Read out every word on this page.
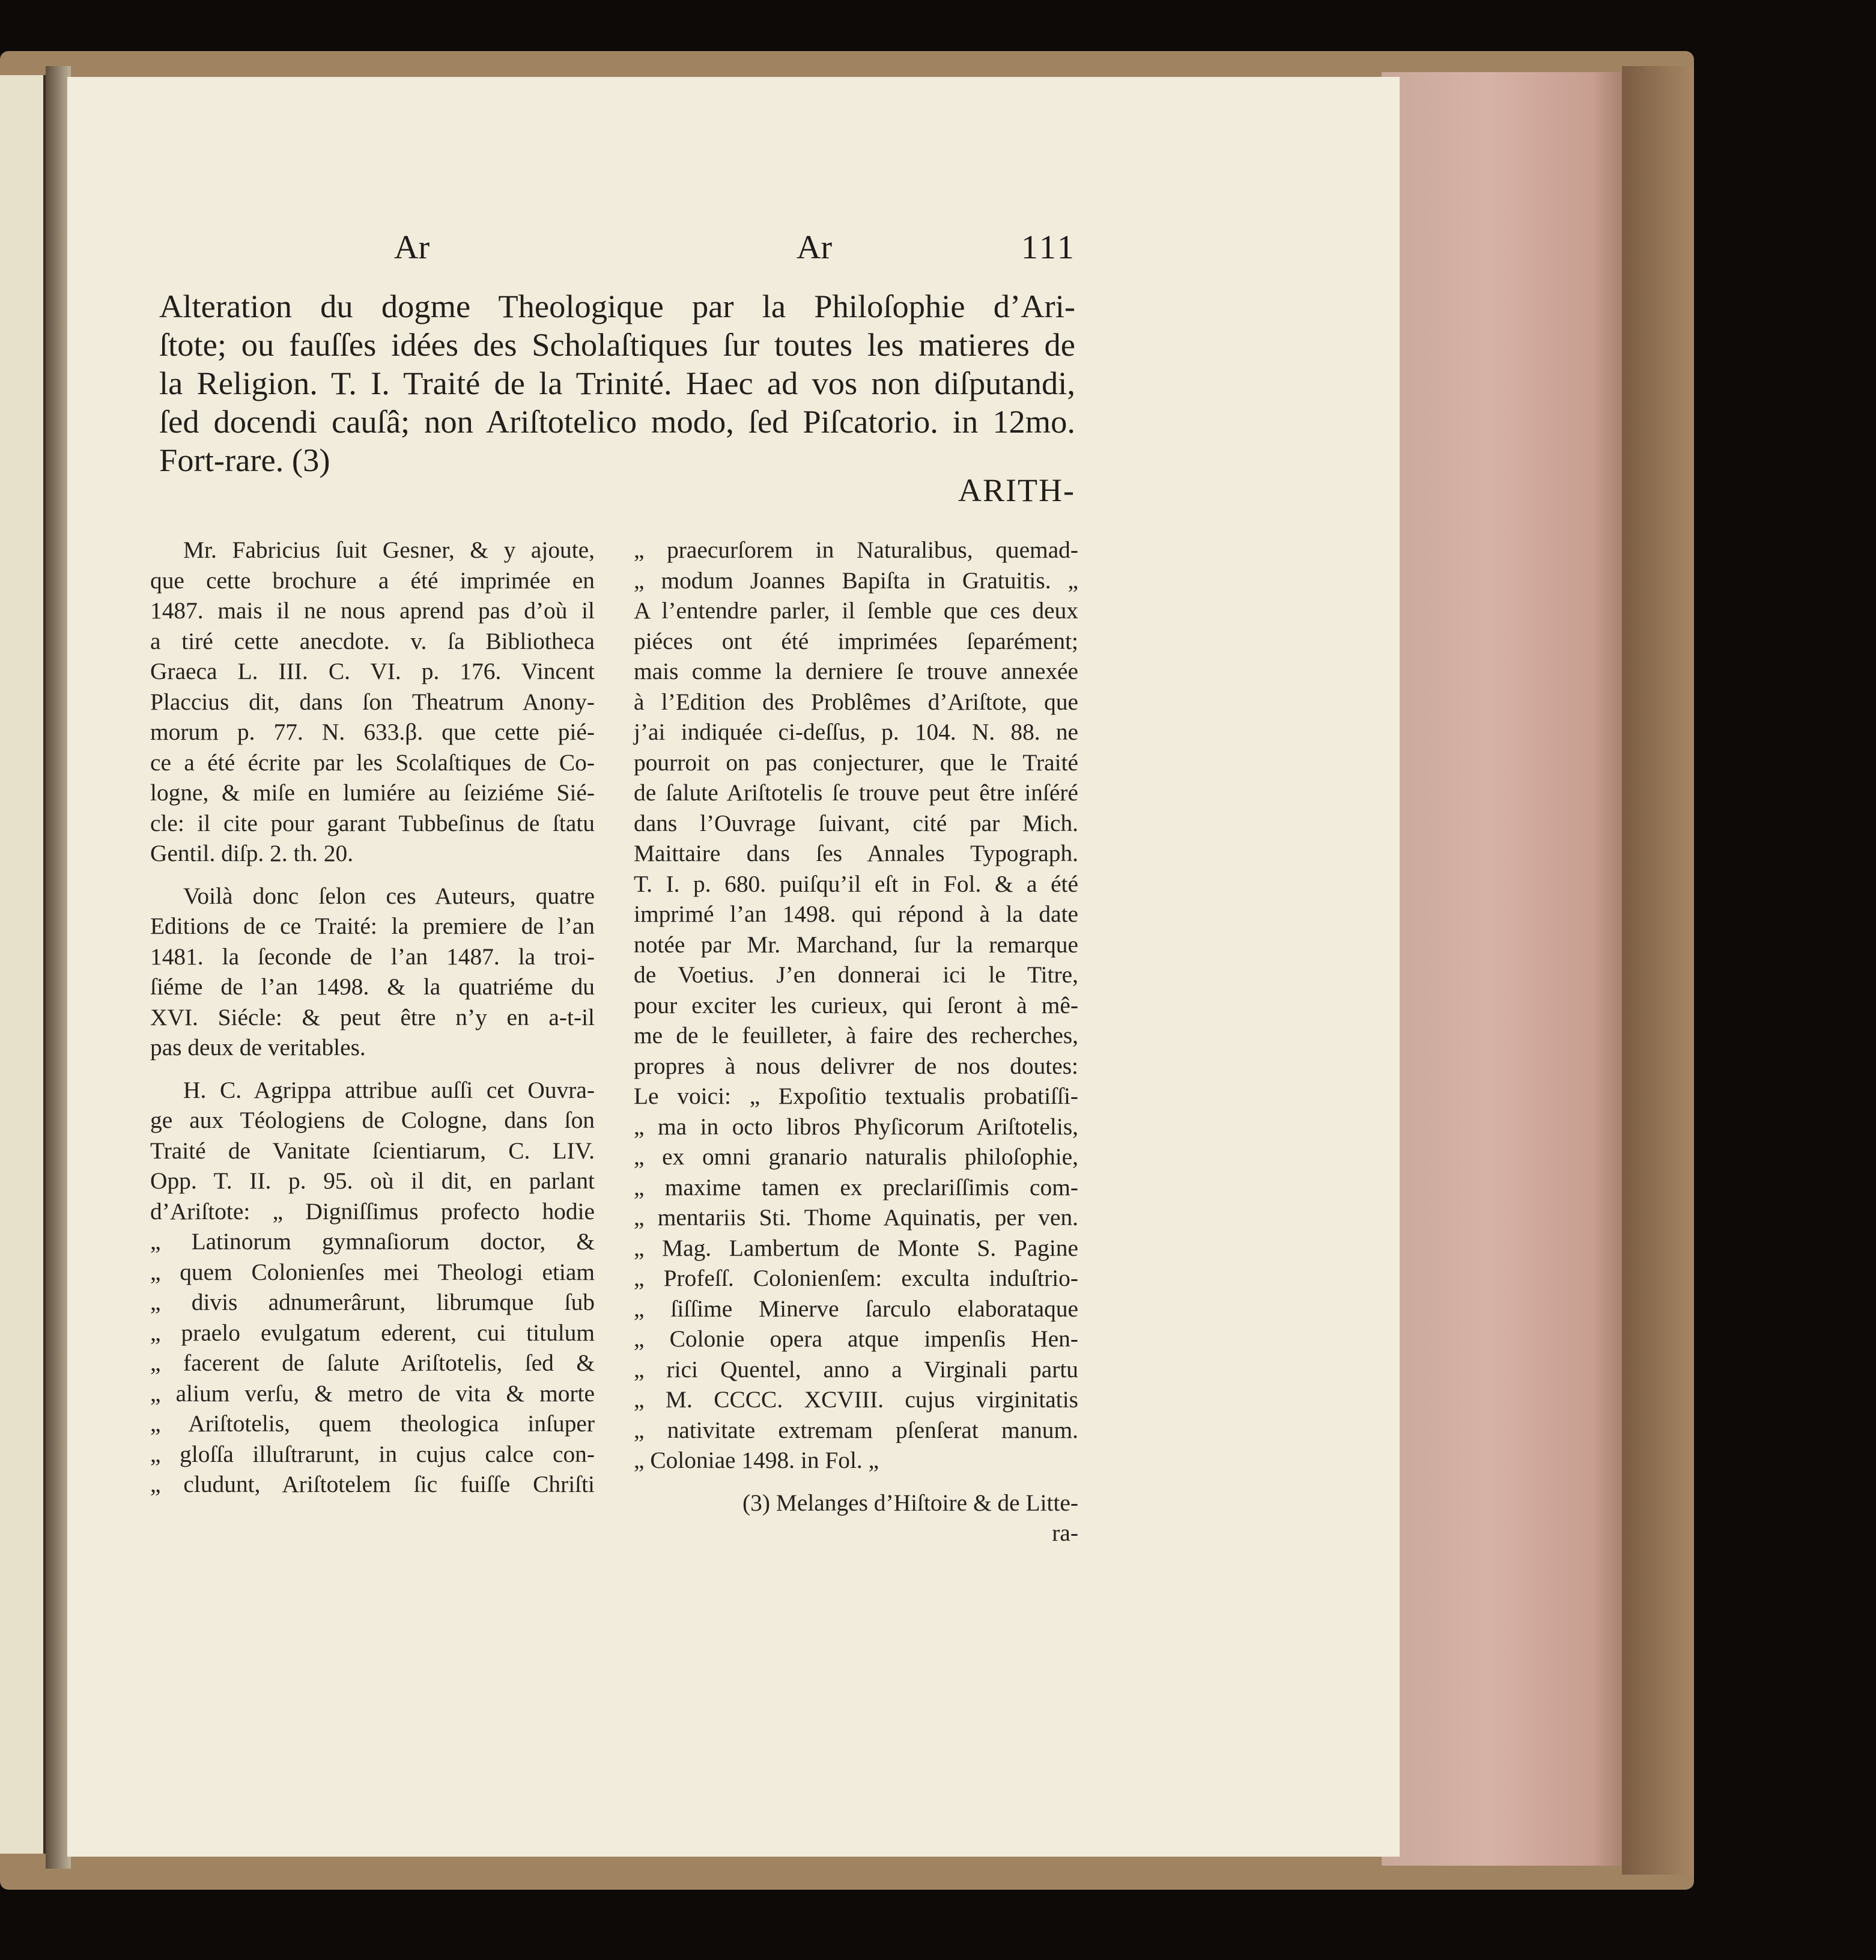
Ar	Ar	111
Alteration du dogme Theologique par la Philoſophie d’Ari-
ſtote; ou fauſſes idées des Scholaſtiques ſur toutes les matieres de
la Religion. T. I. Traité de la Trinité. Haec ad vos non diſputandi,
ſed docendi cauſâ; non Ariſtotelico modo, ſed Piſcatorio. in 12mo.
Fort-rare. (3)
ARITH-

Mr. Fabricius ſuit Gesner, & y ajoute,
que cette brochure a été imprimée en
1487. mais il ne nous aprend pas d’où il
a tiré cette anecdote. v. ſa Bibliotheca
Graeca L. III. C. VI. p. 176. Vincent
Placcius dit, dans ſon Theatrum Anony-
morum p. 77. N. 633.β. que cette pié-
ce a été écrite par les Scolaſtiques de Co-
logne, & miſe en lumiére au ſeiziéme Sié-
cle: il cite pour garant Tubbeſinus de ſtatu
Gentil. diſp. 2. th. 20.

Voilà donc ſelon ces Auteurs, quatre
Editions de ce Traité: la premiere de l’an
1481. la ſeconde de l’an 1487. la troi-
ſiéme de l’an 1498. & la quatriéme du
XVI. Siécle: & peut être n’y en a-t-il
pas deux de veritables.

H. C. Agrippa attribue auſſi cet Ouvra-
ge aux Téologiens de Cologne, dans ſon
Traité de Vanitate ſcientiarum, C. LIV.
Opp. T. II. p. 95. où il dit, en parlant
d’Ariſtote: „ Digniſſimus profecto hodie
„ Latinorum gymnaſiorum doctor, &
„ quem Colonienſes mei Theologi etiam
„ divis adnumerârunt, librumque ſub
„ praelo evulgatum ederent, cui titulum
„ facerent de ſalute Ariſtotelis, ſed &
„ alium verſu, & metro de vita & morte
„ Ariſtotelis, quem theologica inſuper
„ gloſſa illuſtrarunt, in cujus calce con-
„ cludunt, Ariſtotelem ſic fuiſſe Chriſti

„ praecurſorem in Naturalibus, quemad-
„ modum Joannes Bapiſta in Gratuitis. „
A l’entendre parler, il ſemble que ces deux
piéces ont été imprimées ſeparément;
mais comme la derniere ſe trouve annexée
à l’Edition des Problêmes d’Ariſtote, que
j’ai indiquée ci-deſſus, p. 104. N. 88. ne
pourroit on pas conjecturer, que le Traité
de ſalute Ariſtotelis ſe trouve peut être inſéré
dans l’Ouvrage ſuivant, cité par Mich.
Maittaire dans ſes Annales Typograph.
T. I. p. 680. puiſqu’il eſt in Fol. & a été
imprimé l’an 1498. qui répond à la date
notée par Mr. Marchand, ſur la remarque
de Voetius. J’en donnerai ici le Titre,
pour exciter les curieux, qui ſeront à mê-
me de le feuilleter, à faire des recherches,
propres à nous delivrer de nos doutes:
Le voici: „ Expoſitio textualis probatiſſi-
„ ma in octo libros Phyſicorum Ariſtotelis,
„ ex omni granario naturalis philoſophie,
„ maxime tamen ex preclariſſimis com-
„ mentariis Sti. Thome Aquinatis, per ven.
„ Mag. Lambertum de Monte S. Pagine
„ Profeſſ. Colonienſem: exculta induſtrio-
„ ſiſſime Minerve ſarculo elaborataque
„ Colonie opera atque impenſis Hen-
„ rici Quentel, anno a Virginali partu
„ M. CCCC. XCVIII. cujus virginitatis
„ nativitate extremam pſenſerat manum.
„ Coloniae 1498. in Fol. „

(3) Melanges d’Hiſtoire & de Litte-
ra-
